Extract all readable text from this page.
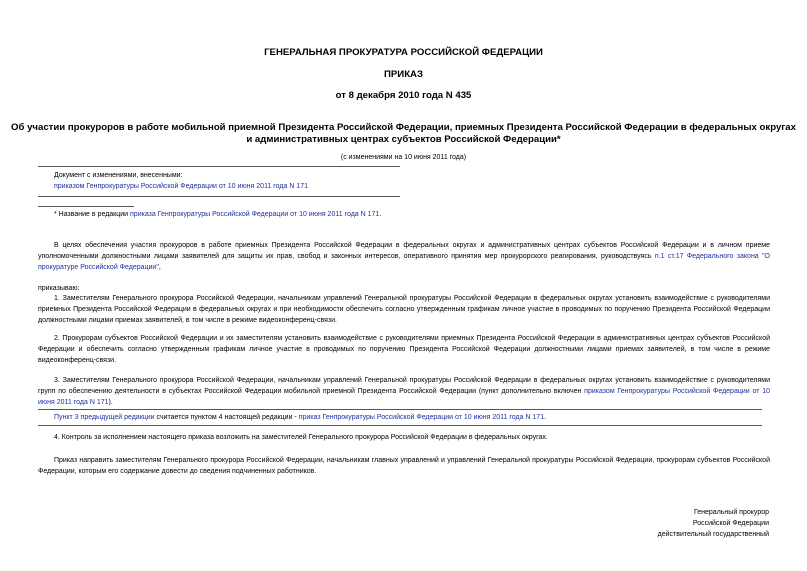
ГЕНЕРАЛЬНАЯ ПРОКУРАТУРА РОССИЙСКОЙ ФЕДЕРАЦИИ
ПРИКАЗ
от 8 декабря 2010 года N 435
Об участии прокуроров в работе мобильной приемной Президента Российской Федерации, приемных Президента Российской Федерации в федеральных округах
и административных центрах субъектов Российской Федерации*
(с изменениями на 10 июня 2011 года)
Документ с изменениями, внесенными:
приказом Генпрокуратуры Российской Федерации от 10 июня 2011 года N 171
* Название в редакции приказа Генпрокуратуры Российской Федерации от 10 июня 2011 года N 171.
В целях обеспечения участия прокуроров в работе приемных Президента Российской Федерации в федеральных округах и административных центрах субъектов Российской Федерации и в личном приеме уполномоченными должностными лицами заявителей для защиты их прав, свобод и законных интересов, оперативного принятия мер прокурорского реагирования, руководствуясь п.1 ст.17 Федерального закона "О прокуратуре Российской Федерации",
приказываю:
1. Заместителям Генерального прокурора Российской Федерации, начальникам управлений Генеральной прокуратуры Российской Федерации в федеральных округах установить взаимодействие с руководителями приемных Президента Российской Федерации в федеральных округах и при необходимости обеспечить согласно утвержденным графикам личное участие в проводимых по поручению Президента Российской Федерации должностными лицами приемах заявителей, в том числе в режиме видеоконференц-связи.
2. Прокурорам субъектов Российской Федерации и их заместителям установить взаимодействие с руководителями приемных Президента Российской Федерации в административных центрах субъектов Российской Федерации и обеспечить согласно утвержденным графикам личное участие в проводимых по поручению Президента Российской Федерации должностными лицами приемах заявителей, в том числе в режиме видеоконференц-связи.
3. Заместителям Генерального прокурора Российской Федерации, начальникам управлений Генеральной прокуратуры Российской Федерации в федеральных округах установить взаимодействие с руководителями групп по обеспечению деятельности в субъектах Российской Федерации мобильной приемной Президента Российской Федерации (пункт дополнительно включен приказом Генпрокуратуры Российской Федерации от 10 июня 2011 года N 171).
Пункт 3 предыдущей редакции считается пунктом 4 настоящей редакции - приказ Генпрокуратуры Российской Федерации от 10 июня 2011 года N 171.
4. Контроль за исполнением настоящего приказа возложить на заместителей Генерального прокурора Российской Федерации в федеральных округах.
Приказ направить заместителям Генерального прокурора Российской Федерации, начальникам главных управлений и управлений Генеральной прокуратуры Российской Федерации, прокурорам субъектов Российской Федерации, которым его содержание довести до сведения подчиненных работников.
Генеральный прокурор
Российской Федерации
действительный государственный
